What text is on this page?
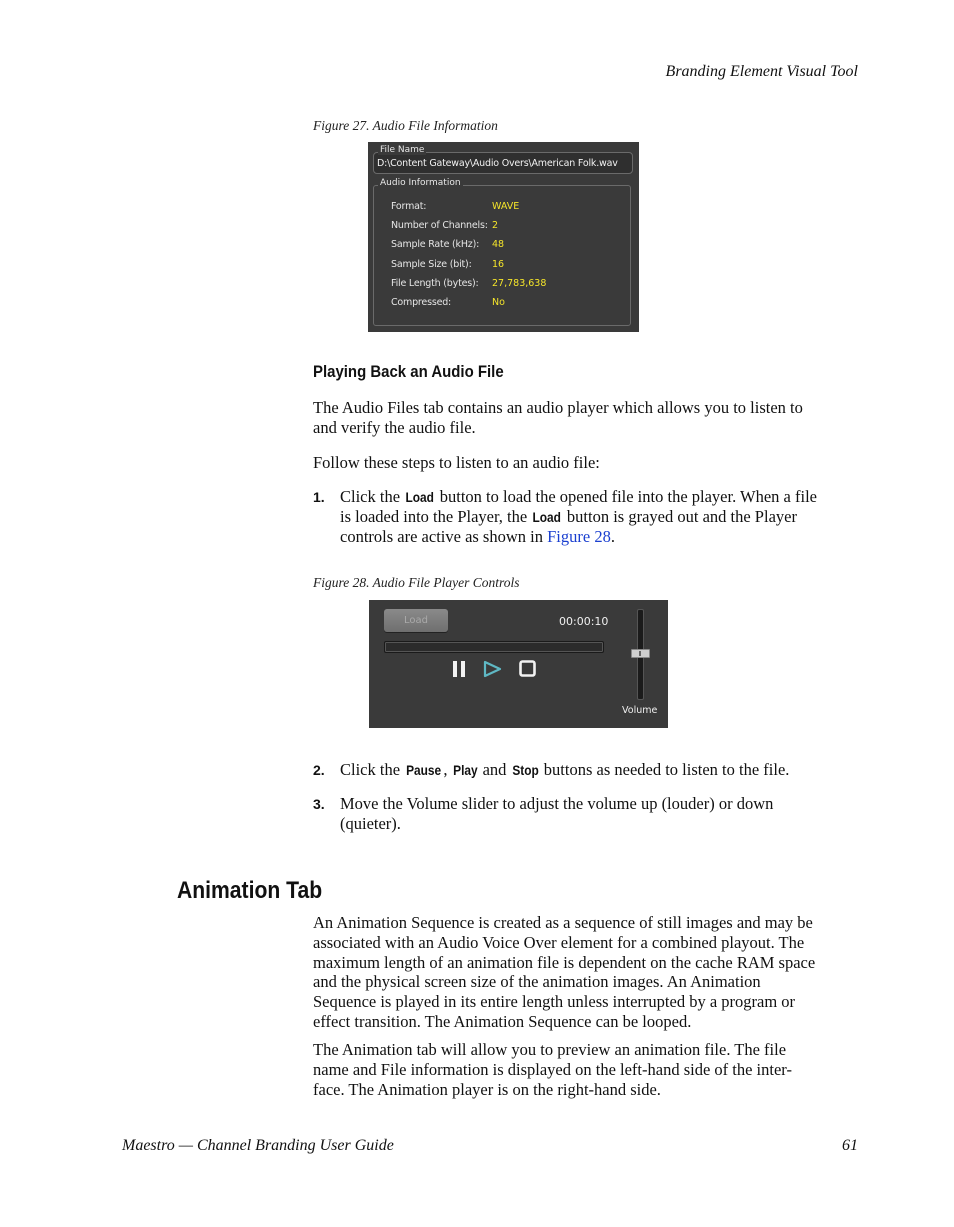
Branding Element Visual Tool
Figure 27. Audio File Information
File Name
D:\Content Gateway\Audio Overs\American Folk.wav
Audio Information
Format:	WAVE
Number of Channels: 2
Sample Rate (kHz): 48
Sample Size (bit): 16
File Length (bytes): 27,783,638
Compressed:	No
Playing Back an Audio File
The Audio Files tab contains an audio player which allows you to listen to
and verify the audio file.
Follow these steps to listen to an audio file:
1. Click the Load button to load the opened file into the player. When a file
is loaded into the Player, the Load button is grayed out and the Player
controls are active as shown in Figure 28.
Figure 28. Audio File Player Controls
Load	00:00:10
Volume
2. Click the Pause , Play and Stop buttons as needed to listen to the file.
3. Move the Volume slider to adjust the volume up (louder) or down
(quieter).
Animation Tab
An Animation Sequence is created as a sequence of still images and may be
associated with an Audio Voice Over element for a combined playout. The
maximum length of an animation file is dependent on the cache RAM space
and the physical screen size of the animation images. An Animation
Sequence is played in its entire length unless interrupted by a program or
effect transition. The Animation Sequence can be looped.
The Animation tab will allow you to preview an animation file. The file
name and File information is displayed on the left-hand side of the inter-
face. The Animation player is on the right-hand side.
Maestro — Channel Branding User Guide	61
